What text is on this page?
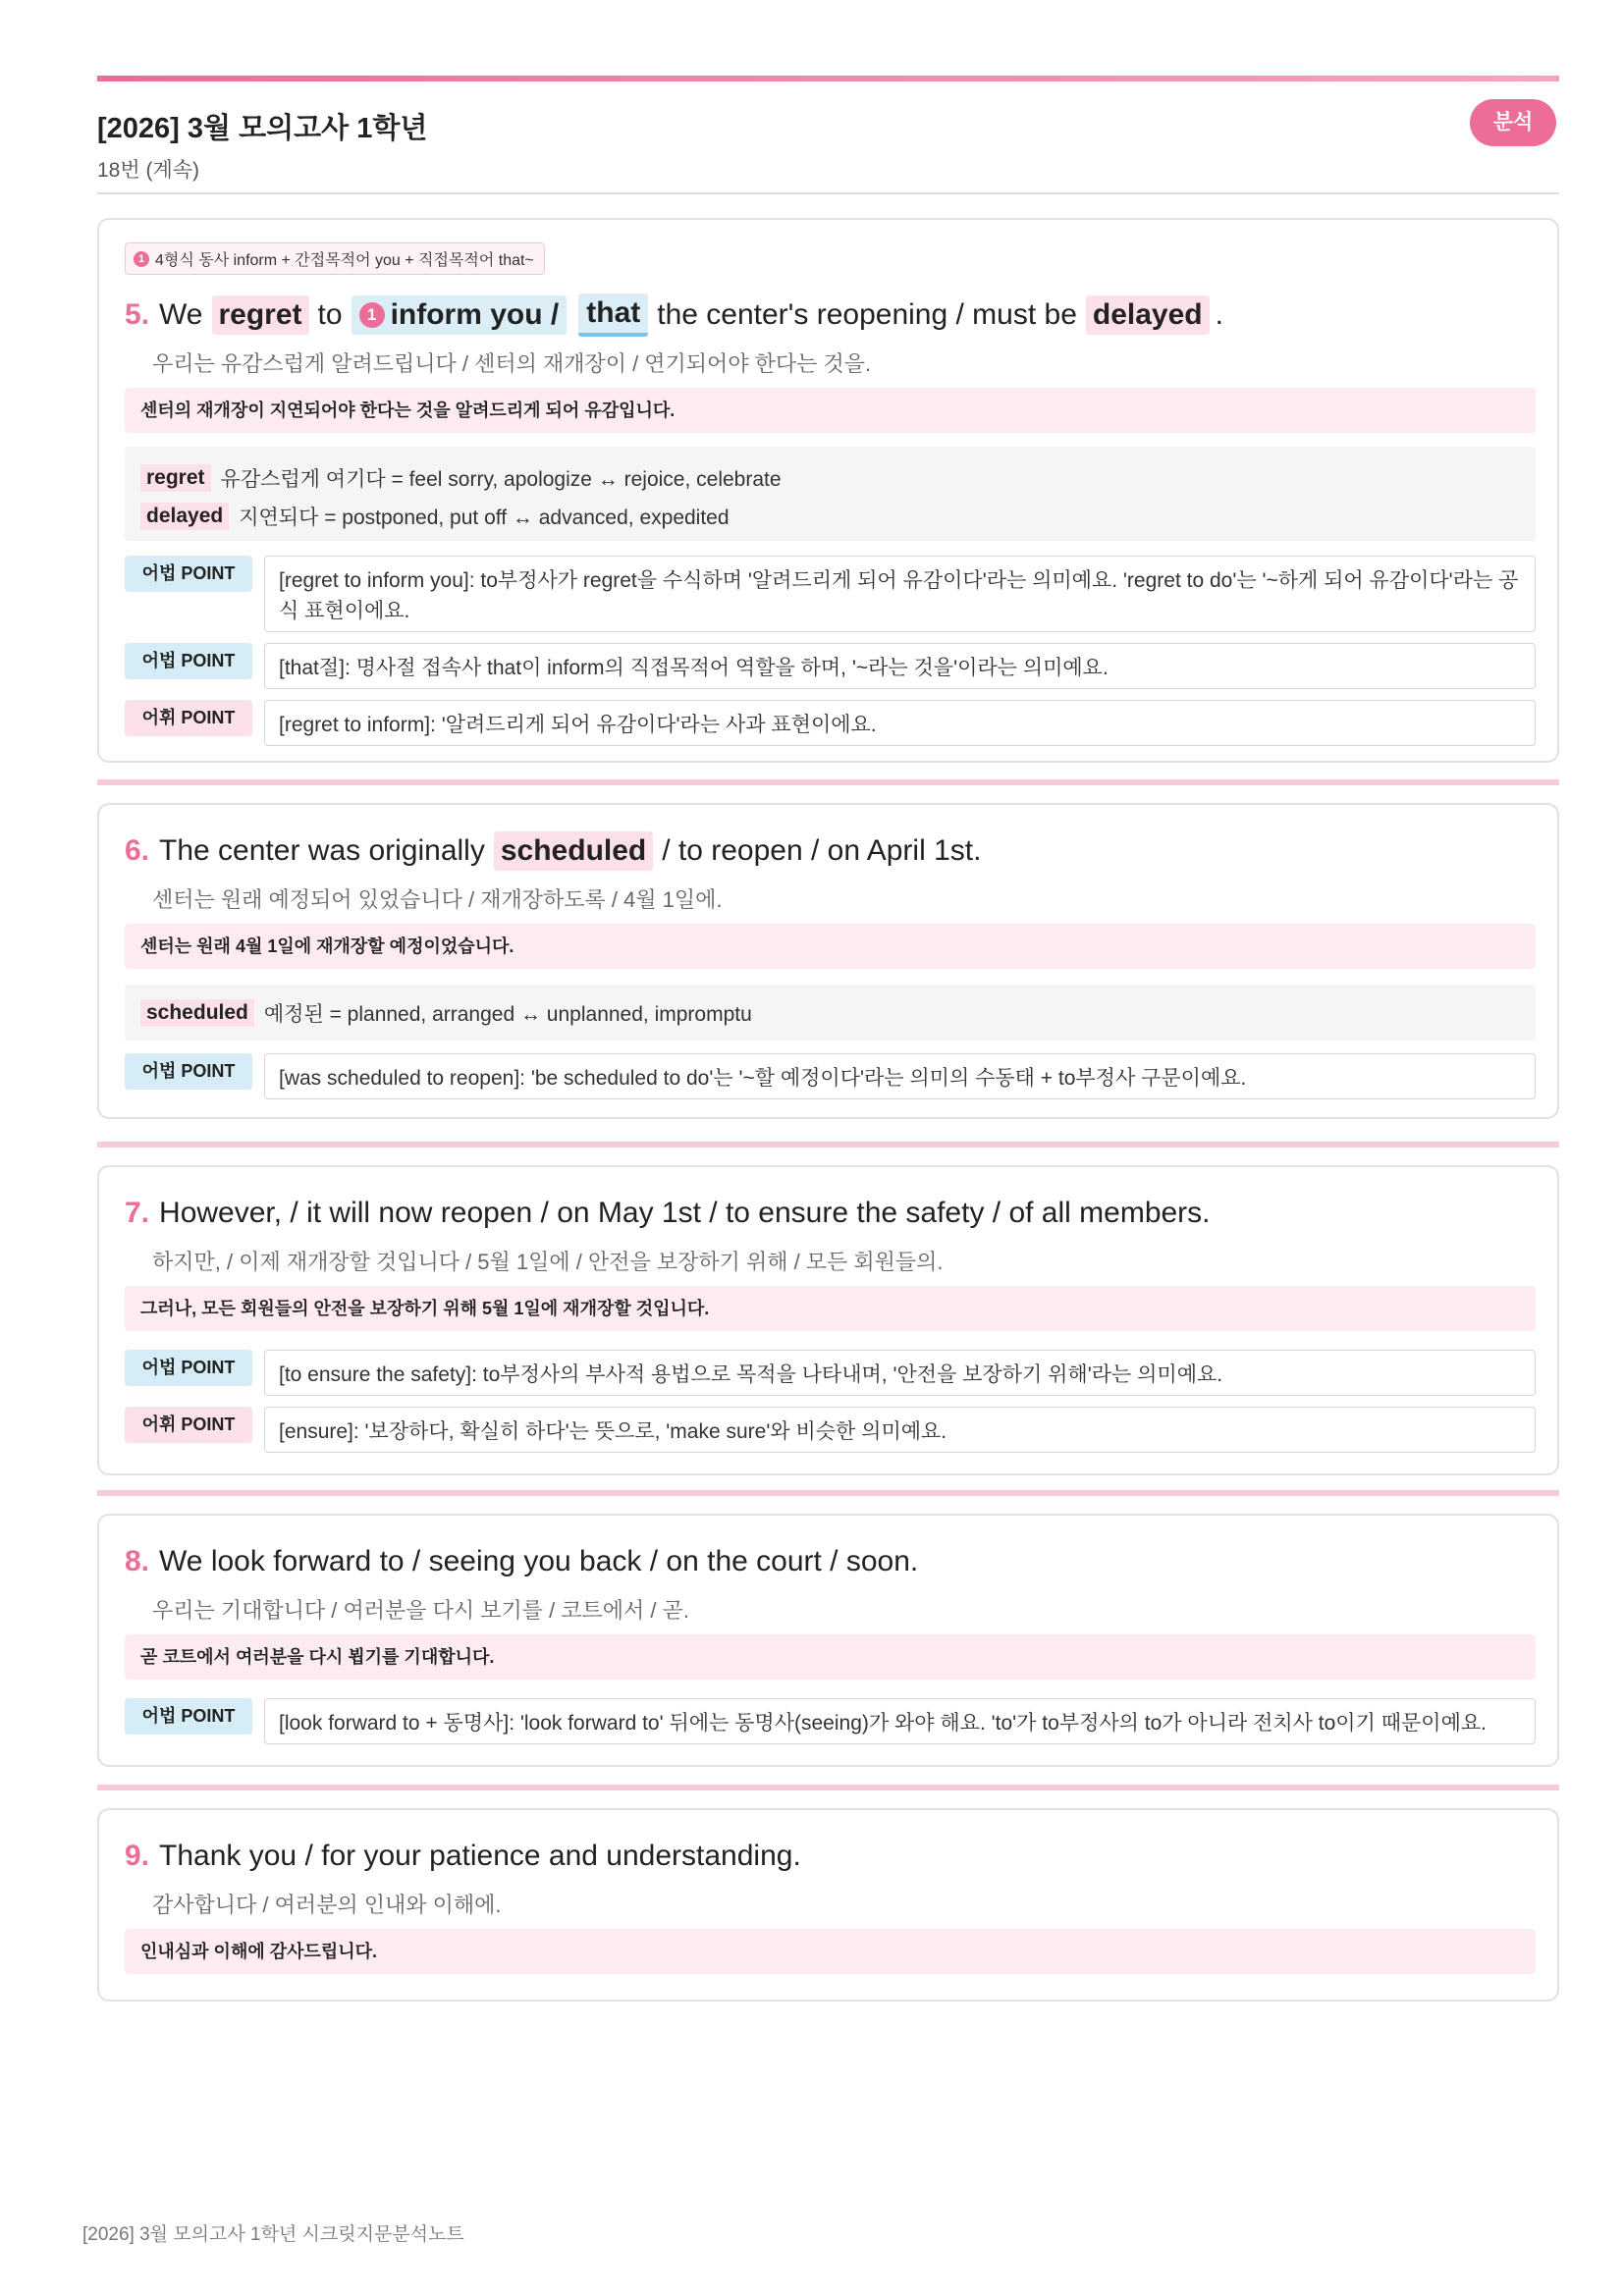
[2026] 3월 모의고사 1학년
18번 (계속)
분석
1 4형식 동사 inform + 간접목적어 you + 직접목적어 that~
5. We regret to	1 inform you / that the center's reopening / must be delayed .
우리는 유감스럽게 알려드립니다 / 센터의 재개장이 / 연기되어야 한다는 것을.
센터의 재개장이 지연되어야 한다는 것을 알려드리게 되어 유감입니다.
regret 유감스럽게 여기다 = feel sorry, apologize ↔ rejoice, celebrate
delayed 지연되다 = postponed, put off ↔ advanced, expedited
어법 POINT	[regret to inform you]: to부정사가 regret을 수식하며 '알려드리게 되어 유감이다'라는 의미예요. 'regret to do'는 '~하게 되어 유감이다'라는 공식 표현이에요.
어법 POINT	[that절]: 명사절 접속사 that이 inform의 직접목적어 역할을 하며, '~라는 것을'이라는 의미예요.
어휘 POINT	[regret to inform]: '알려드리게 되어 유감이다'라는 사과 표현이에요.
6. The center was originally scheduled / to reopen / on April 1st.
센터는 원래 예정되어 있었습니다 / 재개장하도록 / 4월 1일에.
센터는 원래 4월 1일에 재개장할 예정이었습니다.
scheduled 예정된 = planned, arranged ↔ unplanned, impromptu
어법 POINT	[was scheduled to reopen]: 'be scheduled to do'는 '~할 예정이다'라는 의미의 수동태 + to부정사 구문이예요.
7. However, / it will now reopen / on May 1st / to ensure the safety / of all members.
하지만, / 이제 재개장할 것입니다 / 5월 1일에 / 안전을 보장하기 위해 / 모든 회원들의.
그러나, 모든 회원들의 안전을 보장하기 위해 5월 1일에 재개장할 것입니다.
어법 POINT	[to ensure the safety]: to부정사의 부사적 용법으로 목적을 나타내며, '안전을 보장하기 위해'라는 의미예요.
어휘 POINT	[ensure]: '보장하다, 확실히 하다'는 뜻으로, 'make sure'와 비슷한 의미예요.
8. We look forward to / seeing you back / on the court / soon.
우리는 기대합니다 / 여러분을 다시 보기를 / 코트에서 / 곧.
곧 코트에서 여러분을 다시 뵙기를 기대합니다.
어법 POINT	[look forward to + 동명사]: 'look forward to' 뒤에는 동명사(seeing)가 와야 해요. 'to'가 to부정사의 to가 아니라 전치사 to이기 때문이예요.
9. Thank you / for your patience and understanding.
감사합니다 / 여러분의 인내와 이해에.
인내심과 이해에 감사드립니다.
[2026] 3월 모의고사 1학년 시크릿지문분석노트
